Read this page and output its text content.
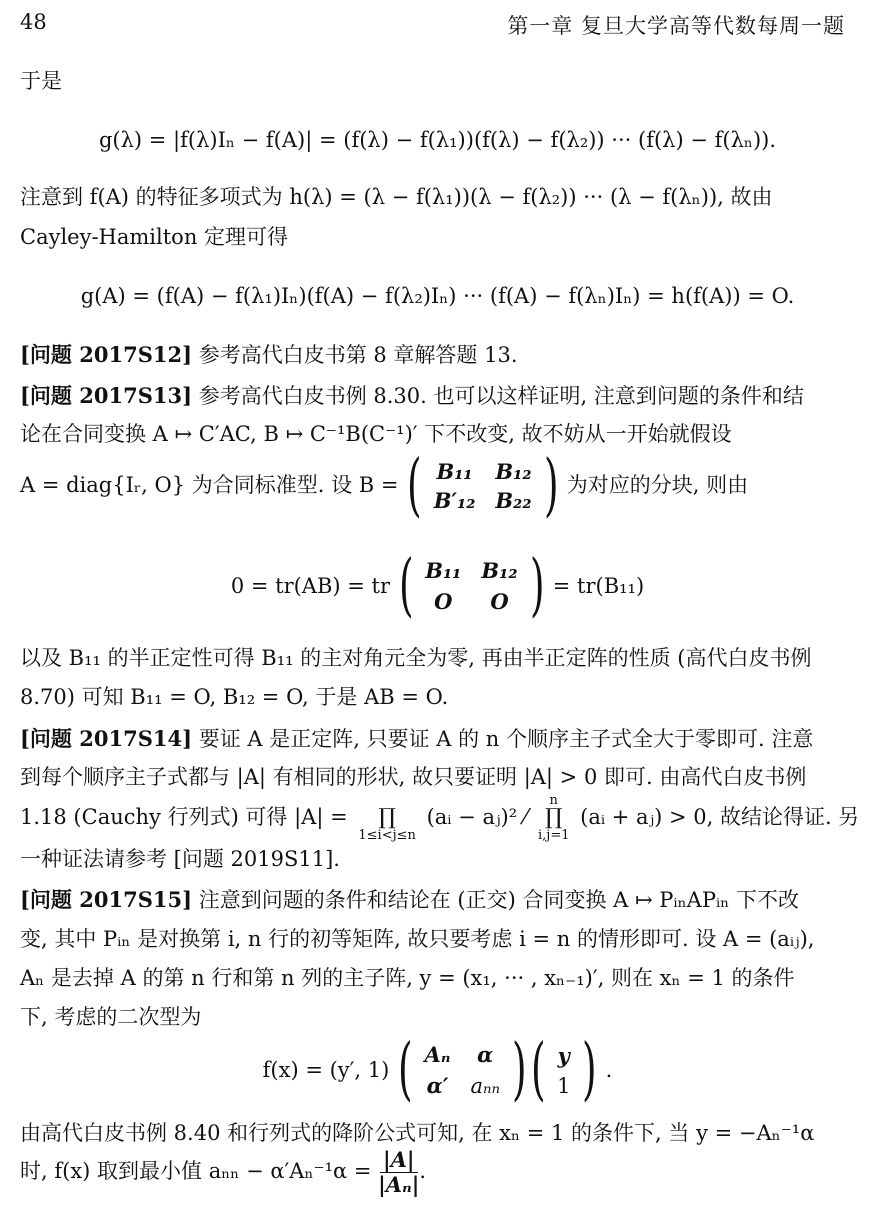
48	第一章 复旦大学高等代数每周一题
于是
g(λ) = |f(λ)Iₙ − f(A)| = (f(λ) − f(λ₁))(f(λ) − f(λ₂)) ··· (f(λ) − f(λₙ)).
注意到 f(A) 的特征多项式为 h(λ) = (λ − f(λ₁))(λ − f(λ₂)) ··· (λ − f(λₙ)), 故由
Cayley-Hamilton 定理可得
g(A) = (f(A) − f(λ₁)Iₙ)(f(A) − f(λ₂)Iₙ) ··· (f(A) − f(λₙ)Iₙ) = h(f(A)) = O.
[问题 2017S12] 参考高代白皮书第 8 章解答题 13.
[问题 2017S13] 参考高代白皮书例 8.30. 也可以这样证明, 注意到问题的条件和结
论在合同变换 A ↦ C′AC, B ↦ C⁻¹B(C⁻¹)′ 下不改变, 故不妨从一开始就假设
A = diag{Iᵣ, O} 为合同标准型. 设 B = ( B₁₁	B₁₂
B′₁₂	B₂₂ ) 为对应的分块, 则由
0 = tr(AB) = tr ( B₁₁	B₁₂
O	O ) = tr(B₁₁)
以及 B₁₁ 的半正定性可得 B₁₁ 的主对角元全为零, 再由半正定阵的性质 (高代白皮书例
8.70) 可知 B₁₁ = O, B₁₂ = O, 于是 AB = O.
[问题 2017S14] 要证 A 是正定阵, 只要证 A 的 n 个顺序主子式全大于零即可. 注意
到每个顺序主子式都与 |A| 有相同的形状, 故只要证明 |A| > 0 即可. 由高代白皮书例
1.18 (Cauchy 行列式) 可得 |A| = ∏
1≤i<j≤n
(aᵢ − aⱼ)² ⁄
n
∏
i,j=1
(aᵢ + aⱼ) > 0, 故结论得证. 另
一种证法请参考 [问题 2019S11].
[问题 2017S15] 注意到问题的条件和结论在 (正交) 合同变换 A ↦ PᵢₙAPᵢₙ 下不改
变, 其中 Pᵢₙ 是对换第 i, n 行的初等矩阵, 故只要考虑 i = n 的情形即可. 设 A = (aᵢⱼ),
Aₙ 是去掉 A 的第 n 行和第 n 列的主子阵, y = (x₁, ··· , xₙ₋₁)′, 则在 xₙ = 1 的条件
下, 考虑的二次型为
f(x) = (y′, 1) ( Aₙ	α
α′	aₙₙ ) ( y
1 ) .
由高代白皮书例 8.40 和行列式的降阶公式可知, 在 xₙ = 1 的条件下, 当 y = −Aₙ⁻¹α
时, f(x) 取到最小值 $a_{nn} - \alpha'A_n^{-1}\alpha = \frac{|A|}{\text{|Aₙ|}}$ .
